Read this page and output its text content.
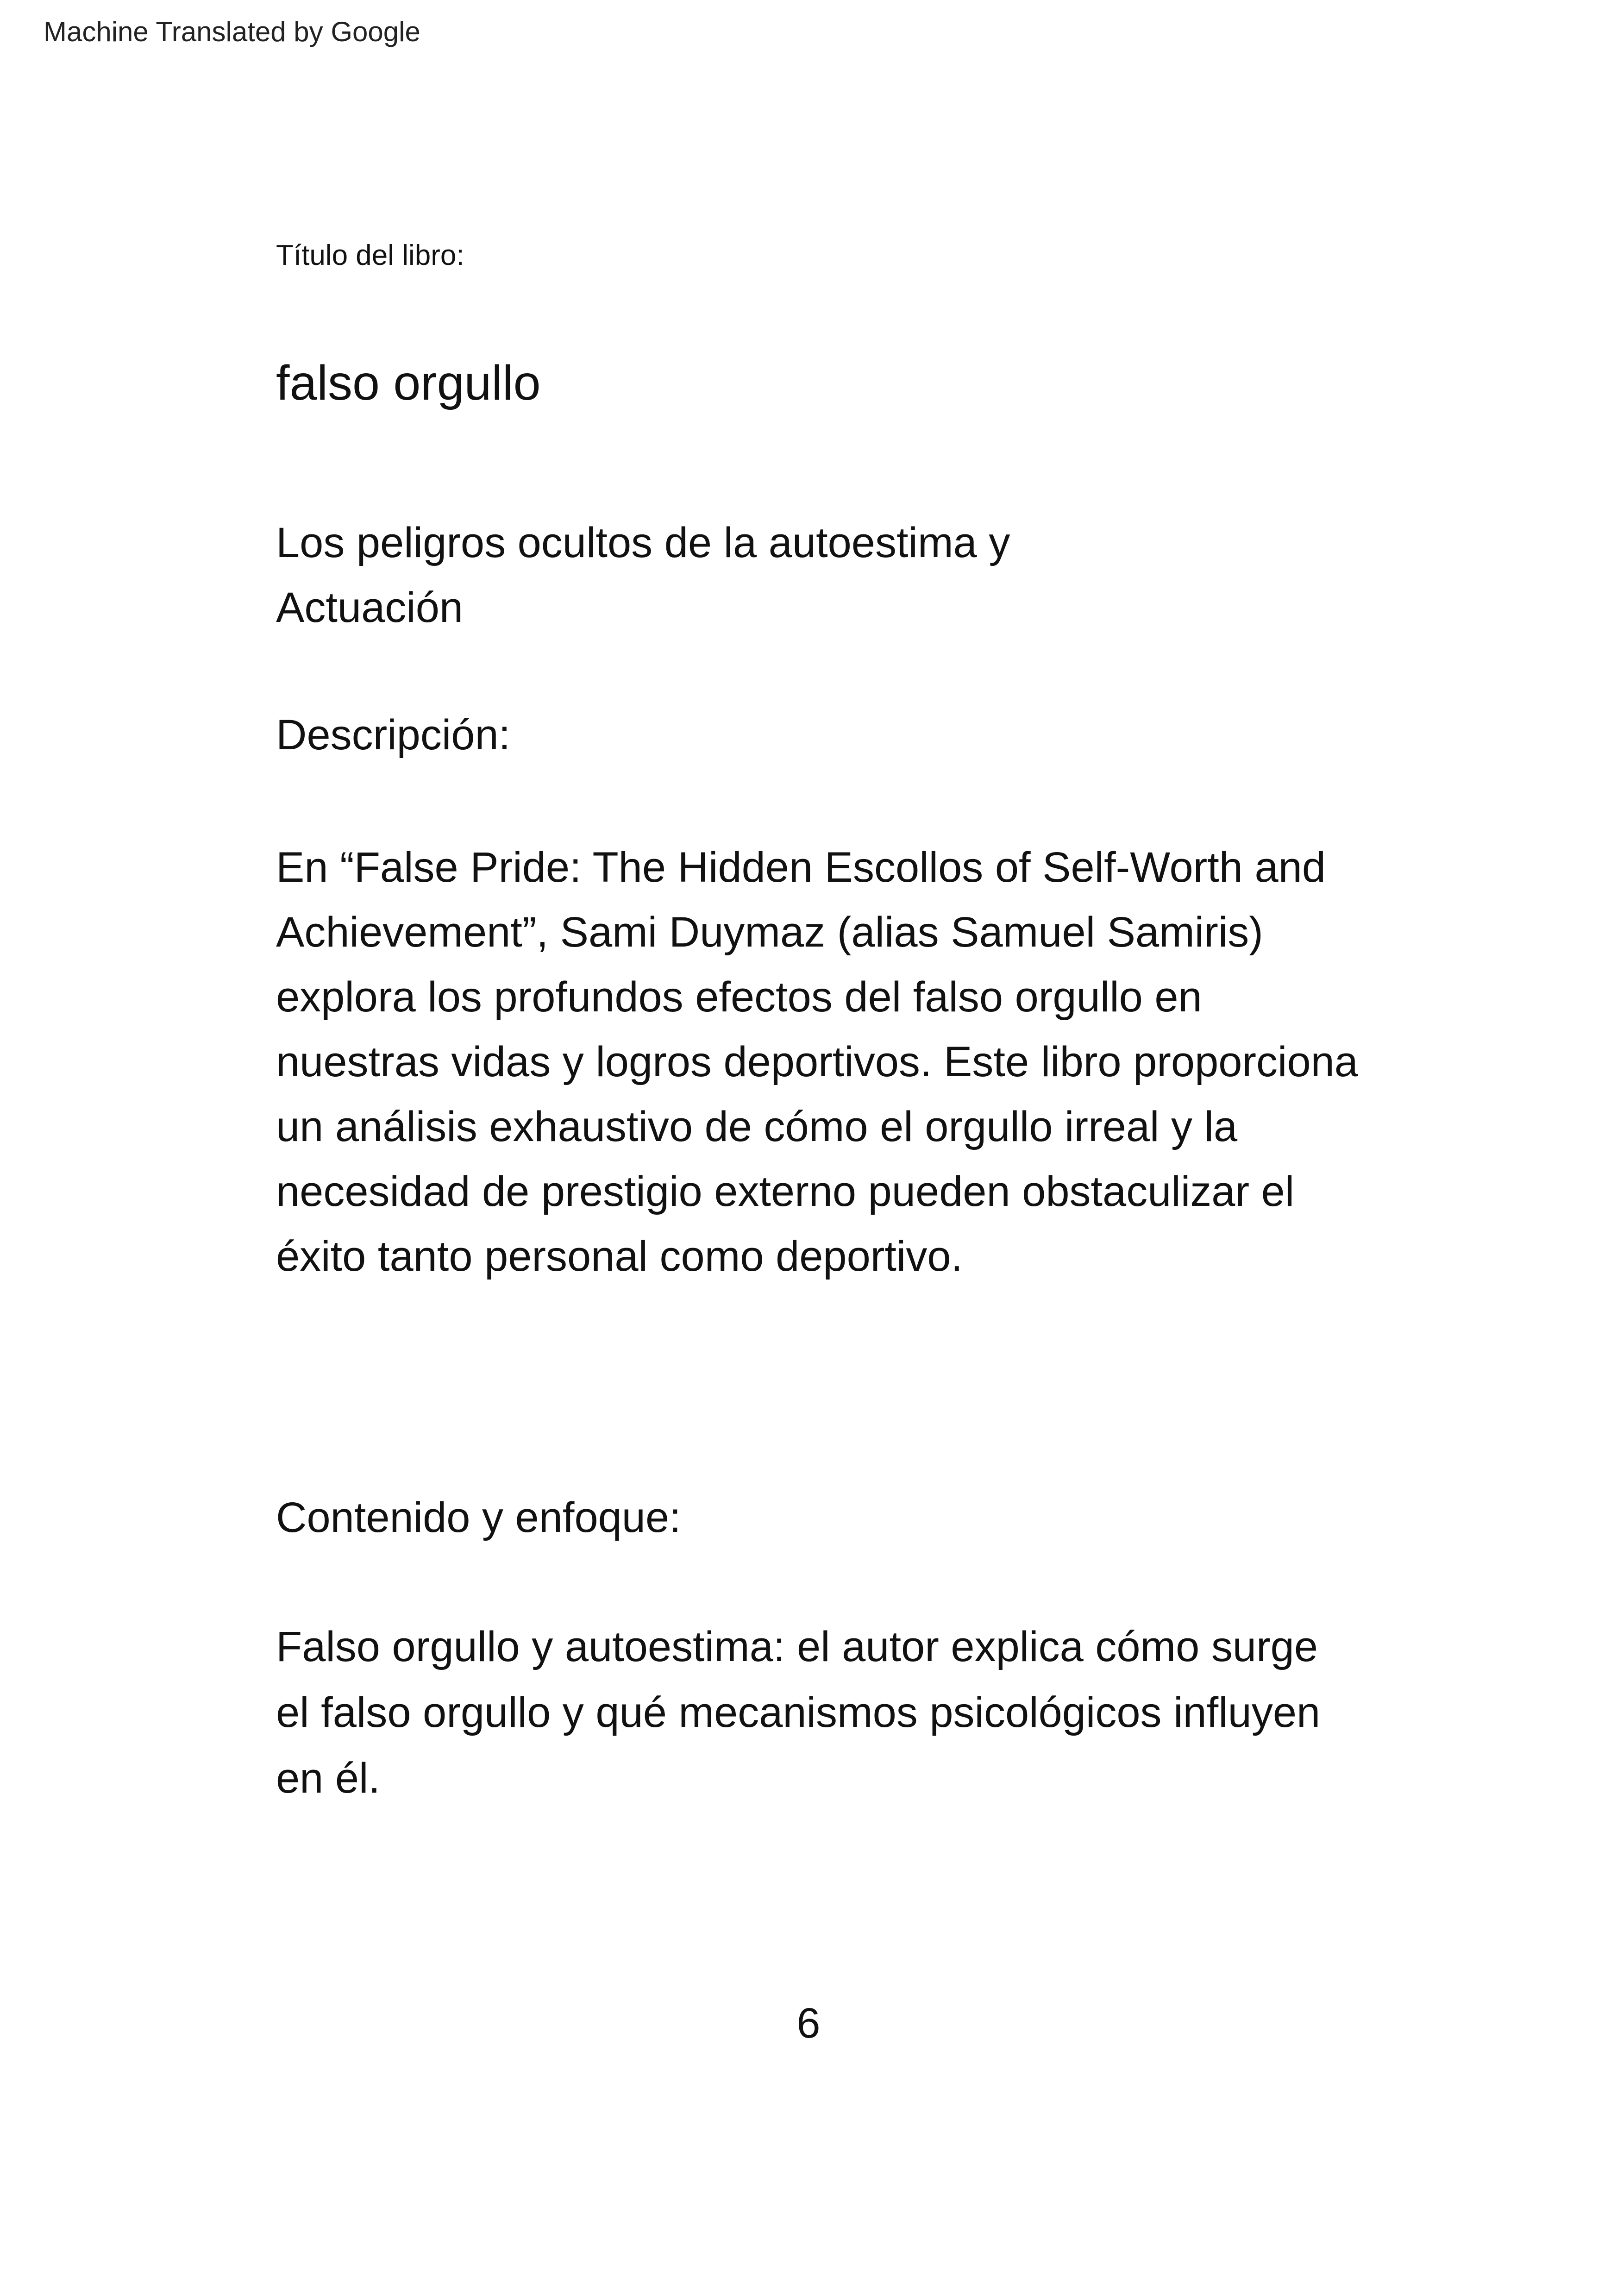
Machine Translated by Google

Título del libro:

falso orgullo
Los peligros ocultos de la autoestima y
Actuación
Descripción:
En “False Pride: The Hidden Escollos of Self-Worth and
Achievement”, Sami Duymaz (alias Samuel Samiris)
explora los profundos efectos del falso orgullo en
nuestras vidas y logros deportivos. Este libro proporciona
un análisis exhaustivo de cómo el orgullo irreal y la
necesidad de prestigio externo pueden obstaculizar el
éxito tanto personal como deportivo.
Contenido y enfoque:
Falso orgullo y autoestima: el autor explica cómo surge
el falso orgullo y qué mecanismos psicológicos influyen
en él.
6
